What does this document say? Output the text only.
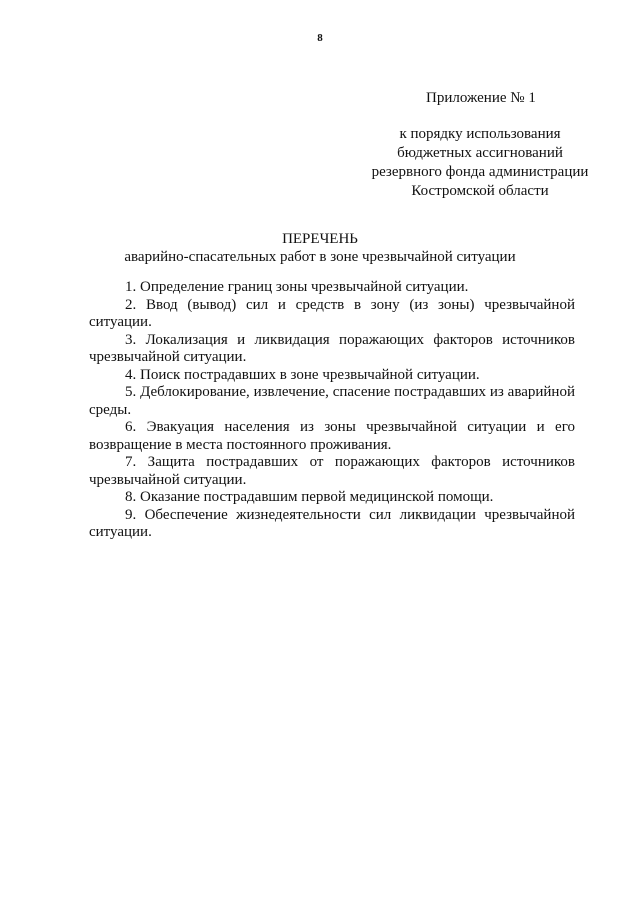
8
Приложение № 1
к порядку использования
бюджетных ассигнований
резервного фонда администрации
Костромской области
ПЕРЕЧЕНЬ
аварийно-спасательных работ в зоне чрезвычайной ситуации

1. Определение границ зоны чрезвычайной ситуации.

2. Ввод (вывод) сил и средств в зону (из зоны) чрезвычайной ситуации.

3. Локализация и ликвидация поражающих факторов источников чрезвычайной ситуации.

4. Поиск пострадавших в зоне чрезвычайной ситуации.

5. Деблокирование, извлечение, спасение пострадавших из аварийной среды.

6. Эвакуация населения из зоны чрезвычайной ситуации и его возвращение в места постоянного проживания.

7. Защита пострадавших от поражающих факторов источников чрезвычайной ситуации.

8. Оказание пострадавшим первой медицинской помощи.

9. Обеспечение жизнедеятельности сил ликвидации чрезвычайной ситуации.
